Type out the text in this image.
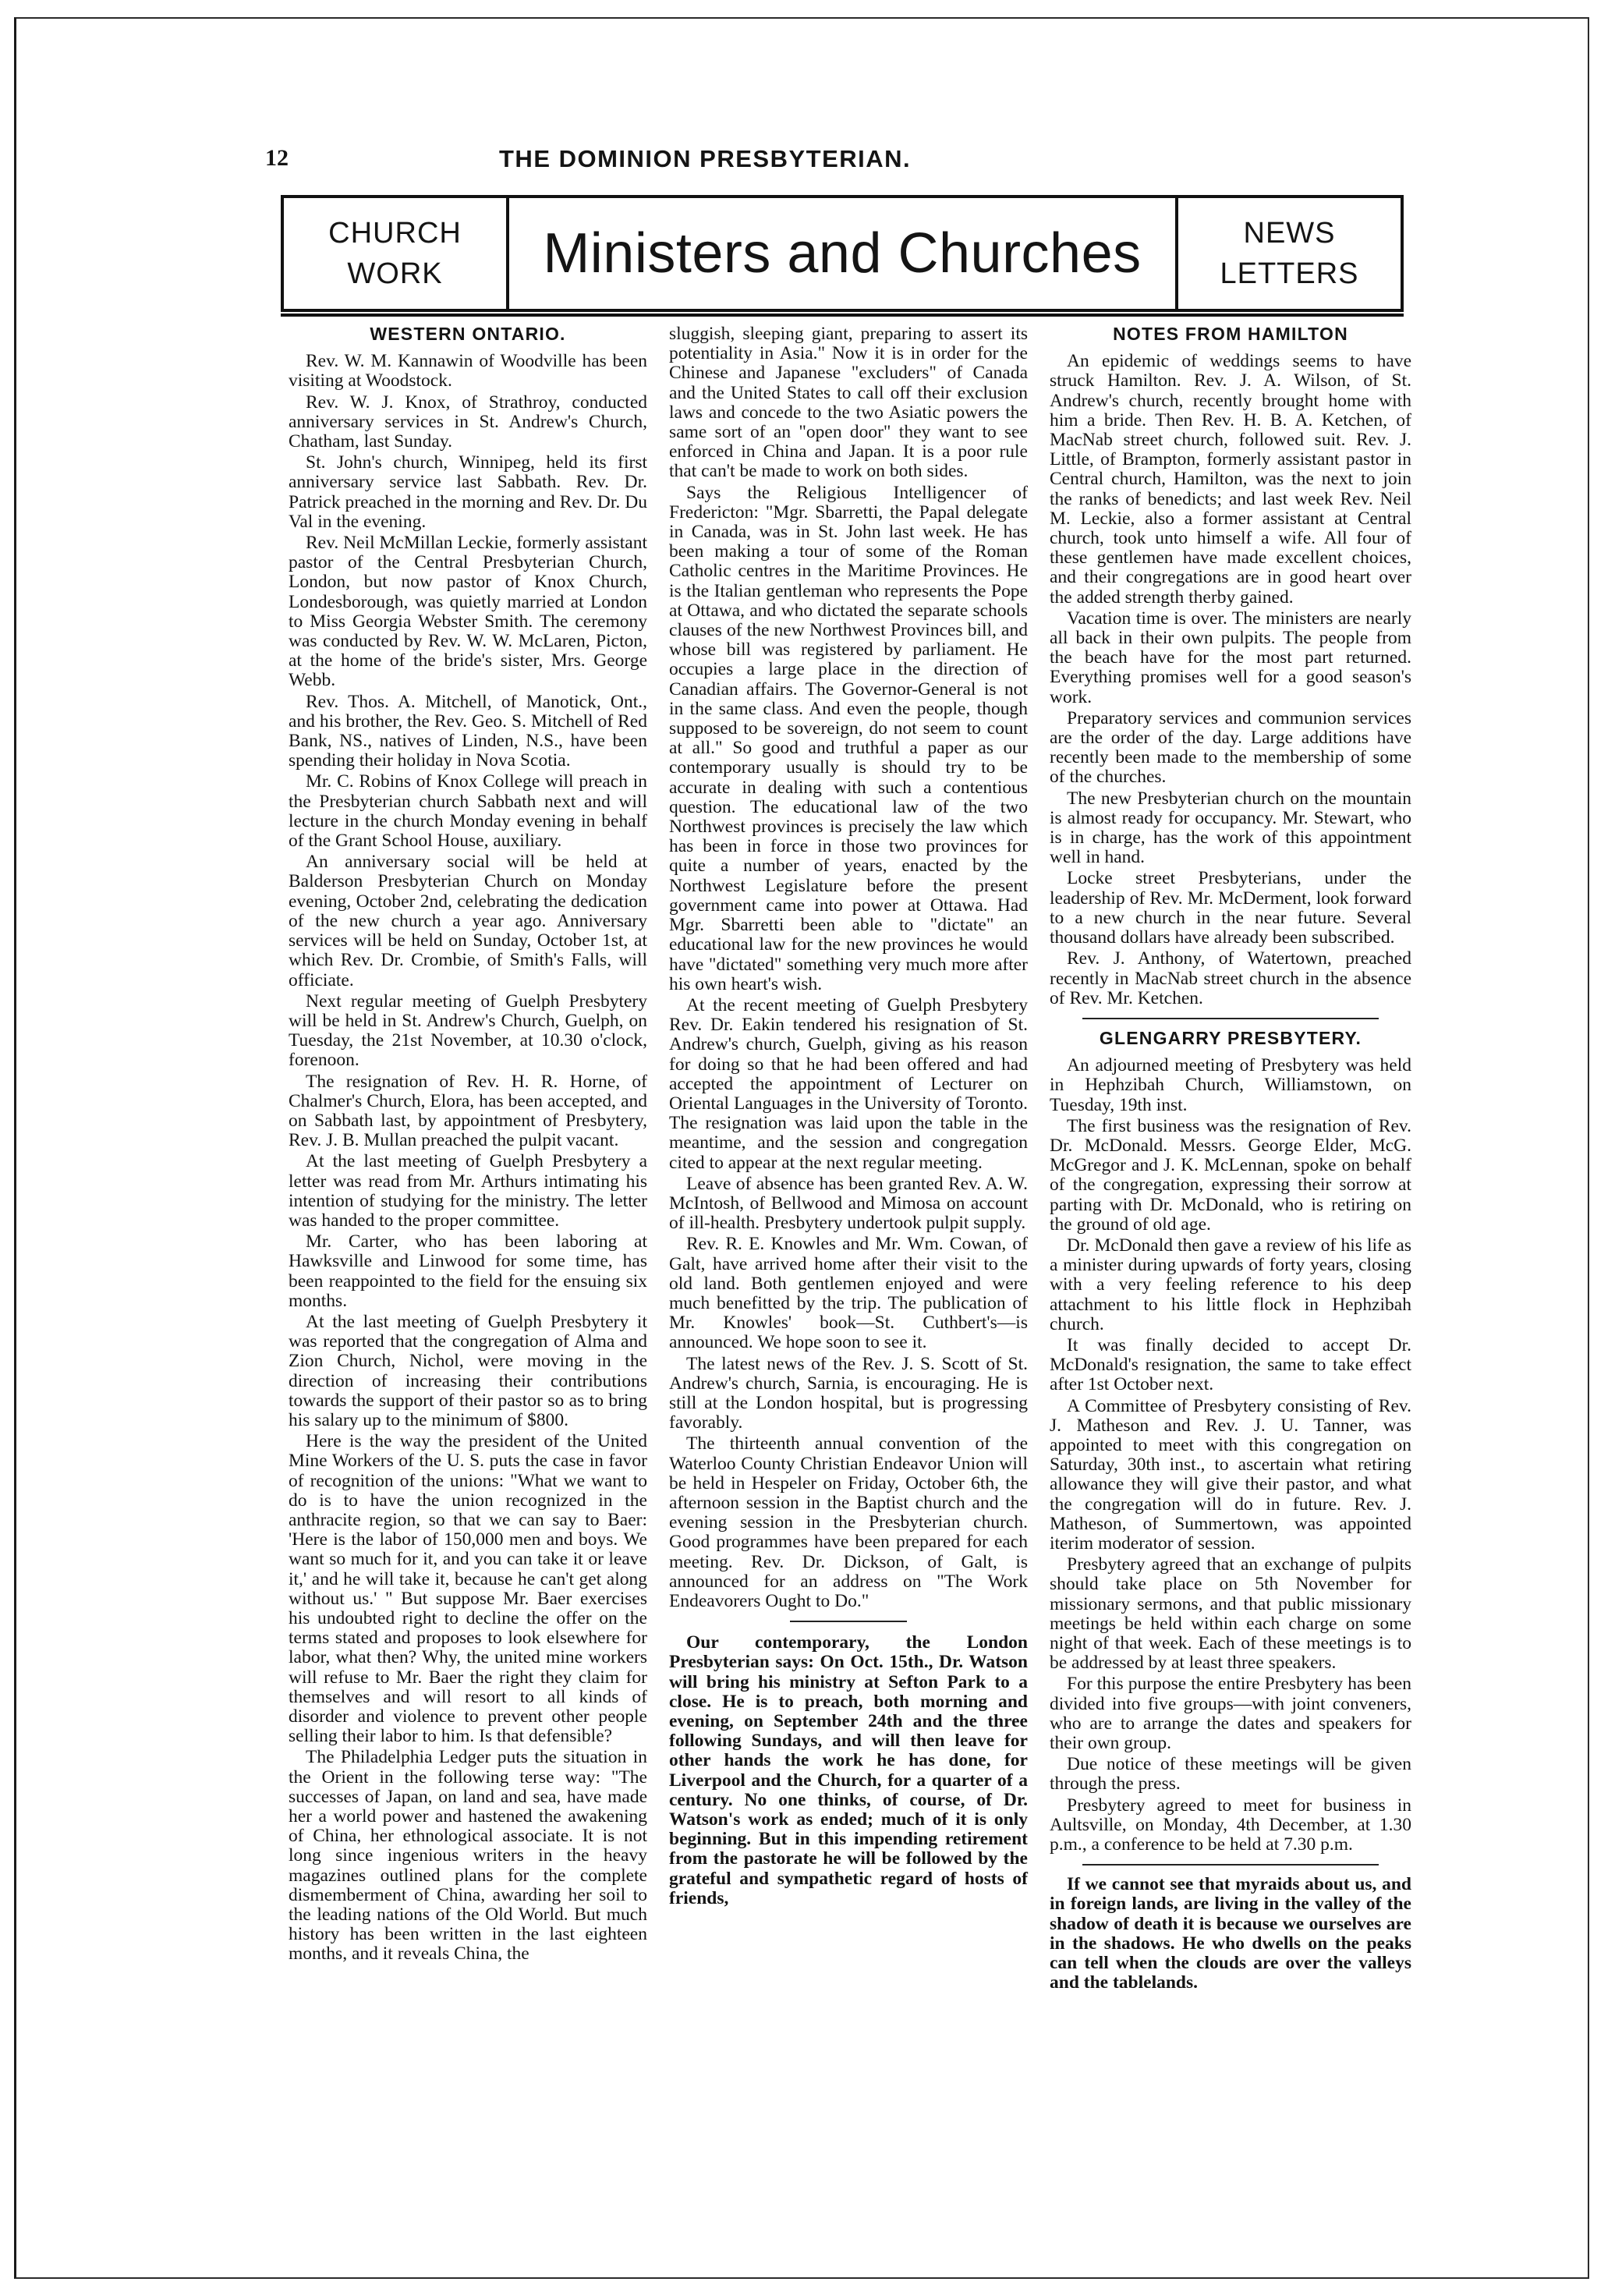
12	THE DOMINION PRESBYTERIAN.
CHURCH
WORK	Ministers and Churches	NEWS
LETTERS
WESTERN ONTARIO.

Rev. W. M. Kannawin of Woodville has been visiting at Woodstock.

Rev. W. J. Knox, of Strathroy, conducted anniversary services in St. Andrew's Church, Chatham, last Sunday.

St. John's church, Winnipeg, held its first anniversary service last Sabbath. Rev. Dr. Patrick preached in the morning and Rev. Dr. Du Val in the evening.

Rev. Neil McMillan Leckie, formerly assistant pastor of the Central Presbyterian Church, London, but now pastor of Knox Church, Londesborough, was quietly married at London to Miss Georgia Webster Smith. The ceremony was conducted by Rev. W. W. McLaren, Picton, at the home of the bride's sister, Mrs. George Webb.

Rev. Thos. A. Mitchell, of Manotick, Ont., and his brother, the Rev. Geo. S. Mitchell of Red Bank, NS., natives of Linden, N.S., have been spending their holiday in Nova Scotia.

Mr. C. Robins of Knox College will preach in the Presbyterian church Sabbath next and will lecture in the church Monday evening in behalf of the Grant School House, auxiliary.

An anniversary social will be held at Balderson Presbyterian Church on Monday evening, October 2nd, celebrating the dedication of the new church a year ago. Anniversary services will be held on Sunday, October 1st, at which Rev. Dr. Crombie, of Smith's Falls, will officiate.

Next regular meeting of Guelph Presbytery will be held in St. Andrew's Church, Guelph, on Tuesday, the 21st November, at 10.30 o'clock, forenoon.

The resignation of Rev. H. R. Horne, of Chalmer's Church, Elora, has been accepted, and on Sabbath last, by appointment of Presbytery, Rev. J. B. Mullan preached the pulpit vacant.

At the last meeting of Guelph Presbytery a letter was read from Mr. Arthurs intimating his intention of studying for the ministry. The letter was handed to the proper committee.

Mr. Carter, who has been laboring at Hawksville and Linwood for some time, has been reappointed to the field for the ensuing six months.

At the last meeting of Guelph Presbytery it was reported that the congregation of Alma and Zion Church, Nichol, were moving in the direction of increasing their contributions towards the support of their pastor so as to bring his salary up to the minimum of $800.

Here is the way the president of the United Mine Workers of the U. S. puts the case in favor of recognition of the unions: "What we want to do is to have the union recognized in the anthracite region, so that we can say to Baer: 'Here is the labor of 150,000 men and boys. We want so much for it, and you can take it or leave it,' and he will take it, because he can't get along without us.' " But suppose Mr. Baer exercises his undoubted right to decline the offer on the terms stated and proposes to look elsewhere for labor, what then? Why, the united mine workers will refuse to Mr. Baer the right they claim for themselves and will resort to all kinds of disorder and violence to prevent other people selling their labor to him. Is that defensible?

The Philadelphia Ledger puts the situation in the Orient in the following terse way: "The successes of Japan, on land and sea, have made her a world power and hastened the awakening of China, her ethnological associate. It is not long since ingenious writers in the heavy magazines outlined plans for the complete dismemberment of China, awarding her soil to the leading nations of the Old World. But much history has been written in the last eighteen months, and it reveals China, the

sluggish, sleeping giant, preparing to assert its potentiality in Asia." Now it is in order for the Chinese and Japanese "excluders" of Canada and the United States to call off their exclusion laws and concede to the two Asiatic powers the same sort of an "open door" they want to see enforced in China and Japan. It is a poor rule that can't be made to work on both sides.

Says the Religious Intelligencer of Fredericton: "Mgr. Sbarretti, the Papal delegate in Canada, was in St. John last week. He has been making a tour of some of the Roman Catholic centres in the Maritime Provinces. He is the Italian gentleman who represents the Pope at Ottawa, and who dictated the separate schools clauses of the new Northwest Provinces bill, and whose bill was registered by parliament. He occupies a large place in the direction of Canadian affairs. The Governor-General is not in the same class. And even the people, though supposed to be sovereign, do not seem to count at all." So good and truthful a paper as our contemporary usually is should try to be accurate in dealing with such a contentious question. The educational law of the two Northwest provinces is precisely the law which has been in force in those two provinces for quite a number of years, enacted by the Northwest Legislature before the present government came into power at Ottawa. Had Mgr. Sbarretti been able to "dictate" an educational law for the new provinces he would have "dictated" something very much more after his own heart's wish.

At the recent meeting of Guelph Presbytery Rev. Dr. Eakin tendered his resignation of St. Andrew's church, Guelph, giving as his reason for doing so that he had been offered and had accepted the appointment of Lecturer on Oriental Languages in the University of Toronto. The resignation was laid upon the table in the meantime, and the session and congregation cited to appear at the next regular meeting.

Leave of absence has been granted Rev. A. W. McIntosh, of Bellwood and Mimosa on account of ill-health. Presbytery undertook pulpit supply.

Rev. R. E. Knowles and Mr. Wm. Cowan, of Galt, have arrived home after their visit to the old land. Both gentlemen enjoyed and were much benefitted by the trip. The publication of Mr. Knowles' book—St. Cuthbert's—is announced. We hope soon to see it.

The latest news of the Rev. J. S. Scott of St. Andrew's church, Sarnia, is encouraging. He is still at the London hospital, but is progressing favorably.

The thirteenth annual convention of the Waterloo County Christian Endeavor Union will be held in Hespeler on Friday, October 6th, the afternoon session in the Baptist church and the evening session in the Presbyterian church. Good programmes have been prepared for each meeting. Rev. Dr. Dickson, of Galt, is announced for an address on "The Work Endeavorers Ought to Do."

Our contemporary, the London Presbyterian says: On Oct. 15th., Dr. Watson will bring his ministry at Sefton Park to a close. He is to preach, both morning and evening, on September 24th and the three following Sundays, and will then leave for other hands the work he has done, for Liverpool and the Church, for a quarter of a century. No one thinks, of course, of Dr. Watson's work as ended; much of it is only beginning. But in this impending retirement from the pastorate he will be followed by the grateful and sympathetic regard of hosts of friends,

NOTES FROM HAMILTON

An epidemic of weddings seems to have struck Hamilton. Rev. J. A. Wilson, of St. Andrew's church, recently brought home with him a bride. Then Rev. H. B. A. Ketchen, of MacNab street church, followed suit. Rev. J. Little, of Brampton, formerly assistant pastor in Central church, Hamilton, was the next to join the ranks of benedicts; and last week Rev. Neil M. Leckie, also a former assistant at Central church, took unto himself a wife. All four of these gentlemen have made excellent choices, and their congregations are in good heart over the added strength therby gained.

Vacation time is over. The ministers are nearly all back in their own pulpits. The people from the beach have for the most part returned. Everything promises well for a good season's work.

Preparatory services and communion services are the order of the day. Large additions have recently been made to the membership of some of the churches.

The new Presbyterian church on the mountain is almost ready for occupancy. Mr. Stewart, who is in charge, has the work of this appointment well in hand.

Locke street Presbyterians, under the leadership of Rev. Mr. McDerment, look forward to a new church in the near future. Several thousand dollars have already been subscribed.

Rev. J. Anthony, of Watertown, preached recently in MacNab street church in the absence of Rev. Mr. Ketchen.

GLENGARRY PRESBYTERY.

An adjourned meeting of Presbytery was held in Hephzibah Church, Williamstown, on Tuesday, 19th inst.

The first business was the resignation of Rev. Dr. McDonald. Messrs. George Elder, McG. McGregor and J. K. McLennan, spoke on behalf of the congregation, expressing their sorrow at parting with Dr. McDonald, who is retiring on the ground of old age.

Dr. McDonald then gave a review of his life as a minister during upwards of forty years, closing with a very feeling reference to his deep attachment to his little flock in Hephzibah church.

It was finally decided to accept Dr. McDonald's resignation, the same to take effect after 1st October next.

A Committee of Presbytery consisting of Rev. J. Matheson and Rev. J. U. Tanner, was appointed to meet with this congregation on Saturday, 30th inst., to ascertain what retiring allowance they will give their pastor, and what the congregation will do in future. Rev. J. Matheson, of Summertown, was appointed iterim moderator of session.

Presbytery agreed that an exchange of pulpits should take place on 5th November for missionary sermons, and that public missionary meetings be held within each charge on some night of that week. Each of these meetings is to be addressed by at least three speakers.

For this purpose the entire Presbytery has been divided into five groups—with joint conveners, who are to arrange the dates and speakers for their own group.

Due notice of these meetings will be given through the press.

Presbytery agreed to meet for business in Aultsville, on Monday, 4th December, at 1.30 p.m., a conference to be held at 7.30 p.m.

If we cannot see that myraids about us, and in foreign lands, are living in the valley of the shadow of death it is because we ourselves are in the shadows. He who dwells on the peaks can tell when the clouds are over the valleys and the tablelands.
